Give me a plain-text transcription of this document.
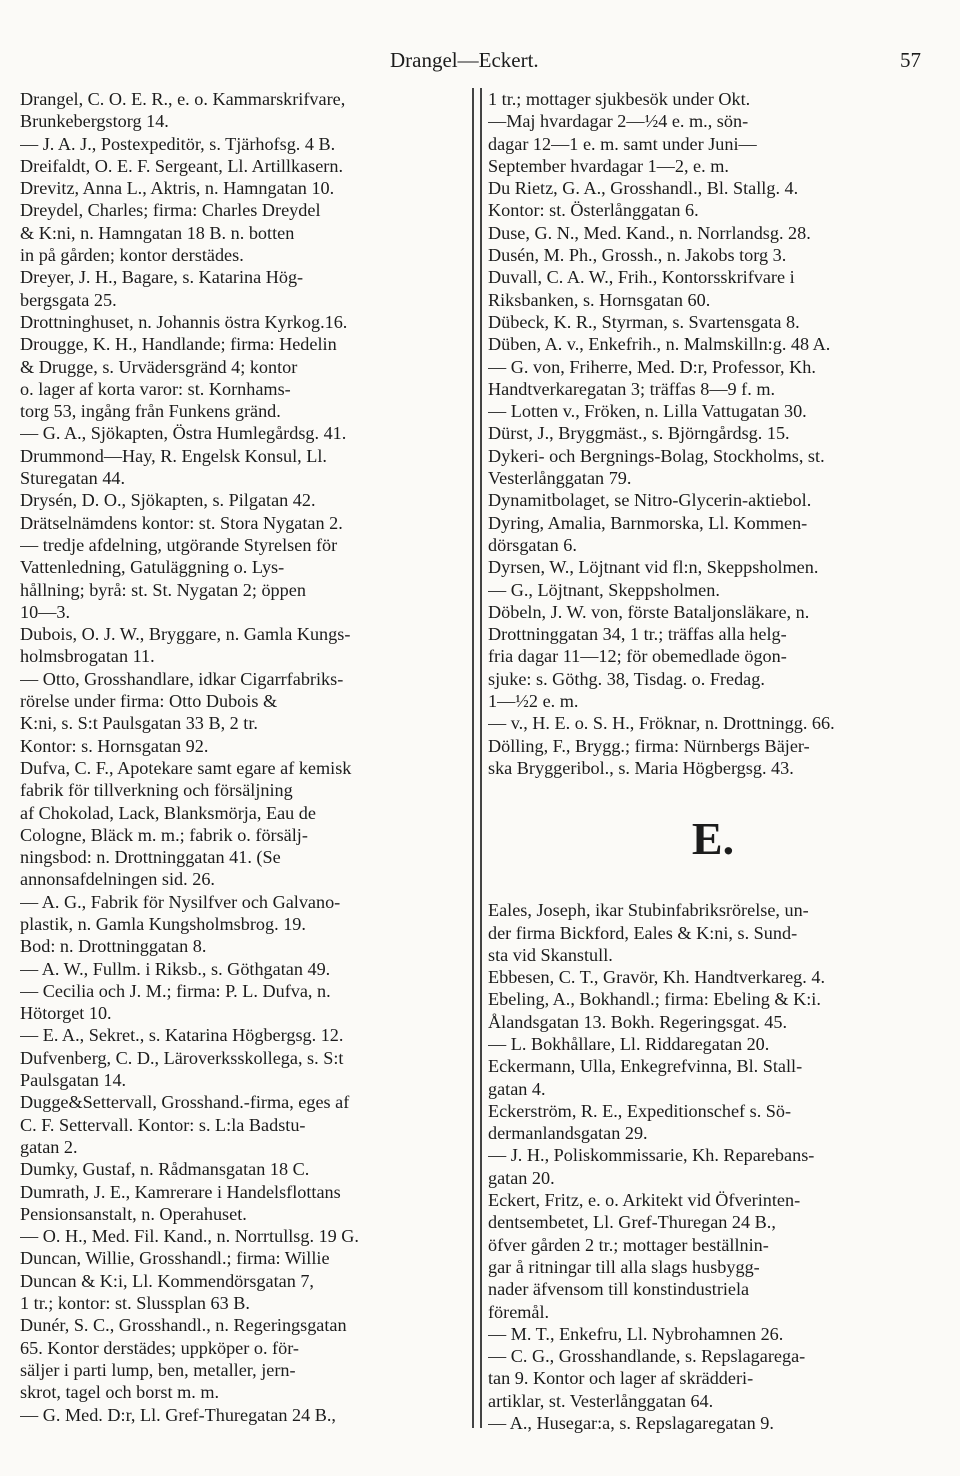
Drangel—Eckert.	57
Drangel, C. O. E. R., e. o. Kammarskrifvare,
Brunkebergstorg 14.
— J. A. J., Postexpeditör, s. Tjärhofsg. 4 B.
Dreifaldt, O. E. F. Sergeant, Ll. Artillkasern.
Drevitz, Anna L., Aktris, n. Hamngatan 10.
Dreydel, Charles; firma: Charles Dreydel
& K:ni, n. Hamngatan 18 B. n. botten
in på gården; kontor derstädes.
Dreyer, J. H., Bagare, s. Katarina Hög-
bergsgata 25.
Drottninghuset, n. Johannis östra Kyrkog.16.
Drougge, K. H., Handlande; firma: Hedelin
& Drugge, s. Urvädersgränd 4; kontor
o. lager af korta varor: st. Kornhams-
torg 53, ingång från Funkens gränd.
— G. A., Sjökapten, Östra Humlegårdsg. 41.
Drummond—Hay, R. Engelsk Konsul, Ll.
Sturegatan 44.
Drysén, D. O., Sjökapten, s. Pilgatan 42.
Drätselnämdens kontor: st. Stora Nygatan 2.
— tredje afdelning, utgörande Styrelsen för
Vattenledning, Gatuläggning o. Lys-
hållning; byrå: st. St. Nygatan 2; öppen
10—3.
Dubois, O. J. W., Bryggare, n. Gamla Kungs-
holmsbrogatan 11.
— Otto, Grosshandlare, idkar Cigarrfabriks-
rörelse under firma: Otto Dubois &
K:ni, s. S:t Paulsgatan 33 B, 2 tr.
Kontor: s. Hornsgatan 92.
Dufva, C. F., Apotekare samt egare af kemisk
fabrik för tillverkning och försäljning
af Chokolad, Lack, Blanksmörja, Eau de
Cologne, Bläck m. m.; fabrik o. försälj-
ningsbod: n. Drottninggatan 41. (Se
annonsafdelningen sid. 26.
— A. G., Fabrik för Nysilfver och Galvano-
plastik, n. Gamla Kungsholmsbrog. 19.
Bod: n. Drottninggatan 8.
— A. W., Fullm. i Riksb., s. Göthgatan 49.
— Cecilia och J. M.; firma: P. L. Dufva, n.
Hötorget 10.
— E. A., Sekret., s. Katarina Högbergsg. 12.
Dufvenberg, C. D., Läroverksskollega, s. S:t
Paulsgatan 14.
Dugge&Settervall, Grosshand.-firma, eges af
C. F. Settervall. Kontor: s. L:la Badstu-
gatan 2.
Dumky, Gustaf, n. Rådmansgatan 18 C.
Dumrath, J. E., Kamrerare i Handelsflottans
Pensionsanstalt, n. Operahuset.
— O. H., Med. Fil. Kand., n. Norrtullsg. 19 G.
Duncan, Willie, Grosshandl.; firma: Willie
Duncan & K:i, Ll. Kommendörsgatan 7,
1 tr.; kontor: st. Slussplan 63 B.
Dunér, S. C., Grosshandl., n. Regeringsgatan
65. Kontor derstädes; uppköper o. för-
säljer i parti lump, ben, metaller, jern-
skrot, tagel och borst m. m.
— G. Med. D:r, Ll. Gref-Thuregatan 24 B.,
1 tr.; mottager sjukbesök under Okt.
—Maj hvardagar 2—½4 e. m., sön-
dagar 12—1 e. m. samt under Juni—
September hvardagar 1—2, e. m.
Du Rietz, G. A., Grosshandl., Bl. Stallg. 4.
Kontor: st. Österlånggatan 6.
Duse, G. N., Med. Kand., n. Norrlandsg. 28.
Dusén, M. Ph., Grossh., n. Jakobs torg 3.
Duvall, C. A. W., Frih., Kontorsskrifvare i
Riksbanken, s. Hornsgatan 60.
Dübeck, K. R., Styrman, s. Svartensgata 8.
Düben, A. v., Enkefrih., n. Malmskilln:g. 48 A.
— G. von, Friherre, Med. D:r, Professor, Kh.
Handtverkaregatan 3; träffas 8—9 f. m.
— Lotten v., Fröken, n. Lilla Vattugatan 30.
Dürst, J., Bryggmäst., s. Björngårdsg. 15.
Dykeri- och Bergnings-Bolag, Stockholms, st.
Vesterlånggatan 79.
Dynamitbolaget, se Nitro-Glycerin-aktiebol.
Dyring, Amalia, Barnmorska, Ll. Kommen-
dörsgatan 6.
Dyrsen, W., Löjtnant vid fl:n, Skeppsholmen.
— G., Löjtnant, Skeppsholmen.
Döbeln, J. W. von, förste Bataljonsläkare, n.
Drottninggatan 34, 1 tr.; träffas alla helg-
fria dagar 11—12; för obemedlade ögon-
sjuke: s. Göthg. 38, Tisdag. o. Fredag.
1—½2 e. m.
— v., H. E. o. S. H., Fröknar, n. Drottningg. 66.
Dölling, F., Brygg.; firma: Nürnbergs Bäjer-
ska Bryggeribol., s. Maria Högbergsg. 43.
E.
Eales, Joseph, ikar Stubinfabriksrörelse, un-
der firma Bickford, Eales & K:ni, s. Sund-
sta vid Skanstull.
Ebbesen, C. T., Gravör, Kh. Handtverkareg. 4.
Ebeling, A., Bokhandl.; firma: Ebeling & K:i.
Ålandsgatan 13. Bokh. Regeringsgat. 45.
— L. Bokhållare, Ll. Riddaregatan 20.
Eckermann, Ulla, Enkegrefvinna, Bl. Stall-
gatan 4.
Eckerström, R. E., Expeditionschef s. Sö-
dermanlandsgatan 29.
— J. H., Poliskommissarie, Kh. Reparebans-
gatan 20.
Eckert, Fritz, e. o. Arkitekt vid Öfverinten-
dentsembetet, Ll. Gref-Thuregan 24 B.,
öfver gården 2 tr.; mottager beställnin-
gar å ritningar till alla slags husbygg-
nader äfvensom till konstindustriela
föremål.
— M. T., Enkefru, Ll. Nybrohamnen 26.
— C. G., Grosshandlande, s. Repslagarega-
tan 9. Kontor och lager af skrädderi-
artiklar, st. Vesterlånggatan 64.
— A., Husegar:a, s. Repslagaregatan 9.
